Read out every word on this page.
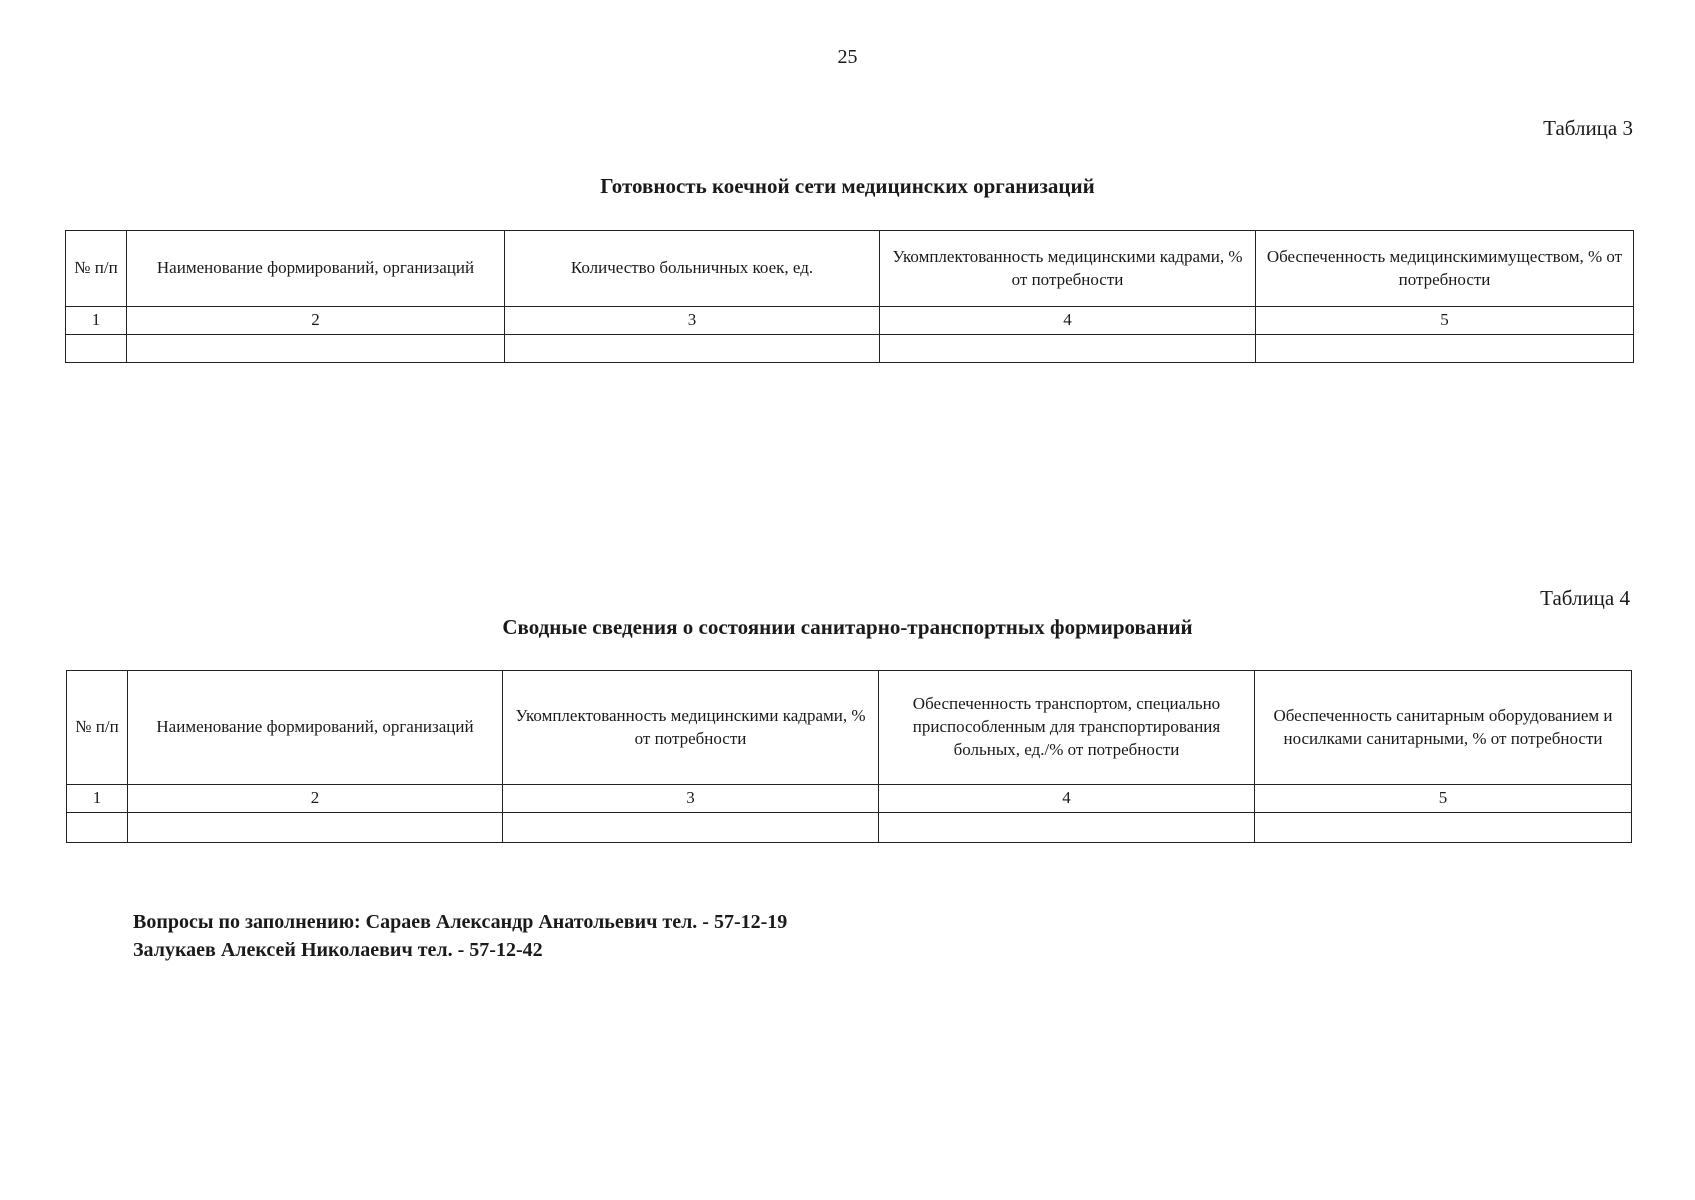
25
Таблица 3
Готовность коечной сети медицинских организаций
№ п/п	Наименование формирований, организаций	Количество больничных коек, ед.	Укомплектованность медицинскими кадрами, % от потребности	Обеспеченность медицинскимимуществом, % от потребности
1	2	3	4	5

Таблица 4
Сводные сведения о состоянии санитарно-транспортных формирований
№ п/п	Наименование формирований, организаций	Укомплектованность медицинскими кадрами, % от потребности	Обеспеченность транспортом, специально приспособленным для транспортирования больных, ед./% от потребности	Обеспеченность санитарным оборудованием и носилками санитарными, % от потребности
1	2	3	4	5

Вопросы по заполнению: Сараев Александр Анатольевич тел. - 57-12-19
Залукаев Алексей Николаевич тел. - 57-12-42
